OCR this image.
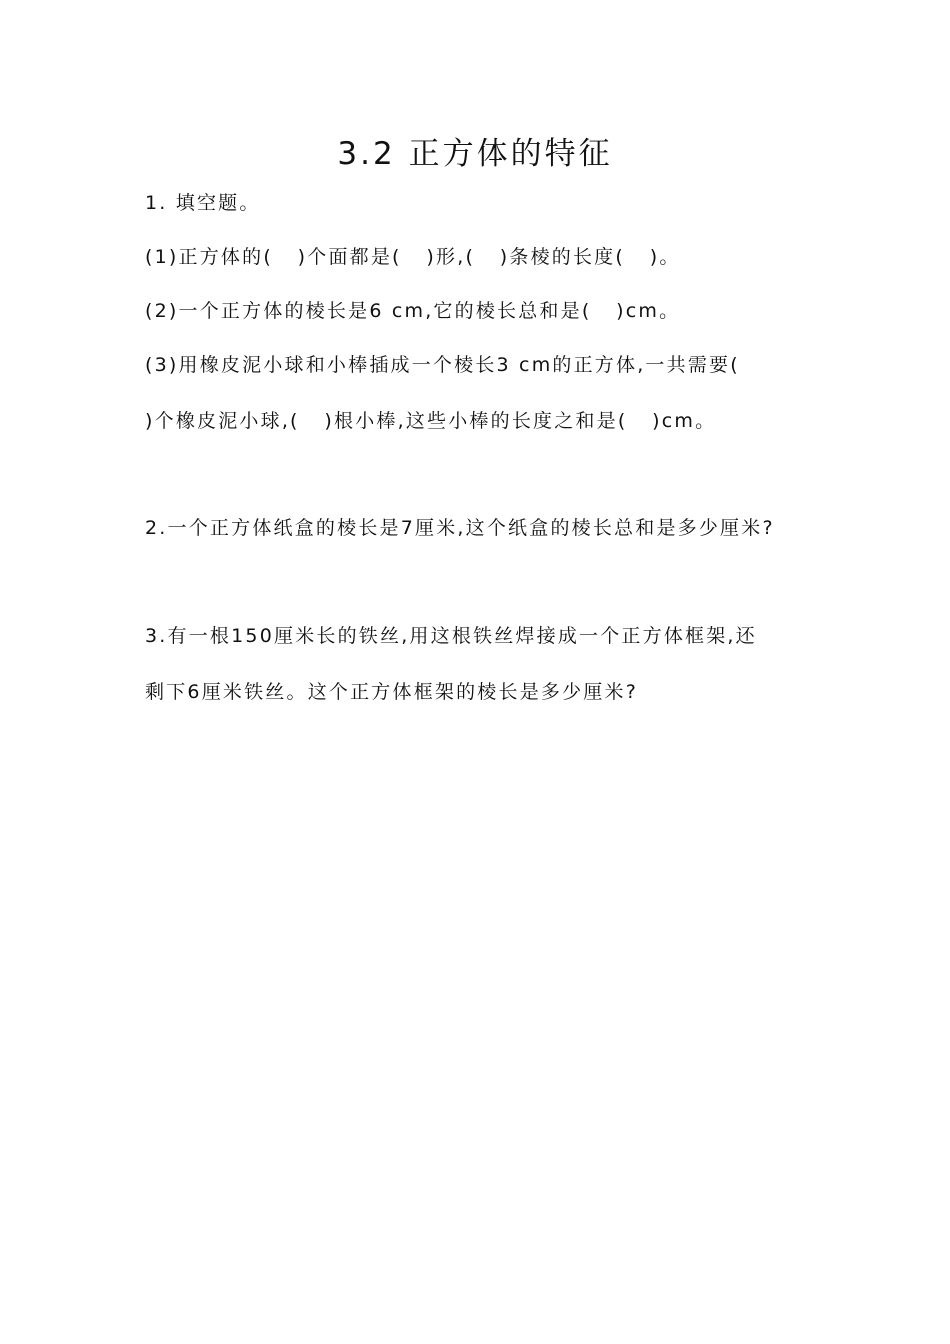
3.2 正方体的特征
1. 填空题。
(1)正方体的(   )个面都是(   )形,(   )条棱的长度(   )。
(2)一个正方体的棱长是6 cm,它的棱长总和是(   )cm。
(3)用橡皮泥小球和小棒插成一个棱长3 cm的正方体,一共需要(
)个橡皮泥小球,(   )根小棒,这些小棒的长度之和是(   )cm。
2.一个正方体纸盒的棱长是7厘米,这个纸盒的棱长总和是多少厘米?
3.有一根150厘米长的铁丝,用这根铁丝焊接成一个正方体框架,还
剩下6厘米铁丝。这个正方体框架的棱长是多少厘米?
